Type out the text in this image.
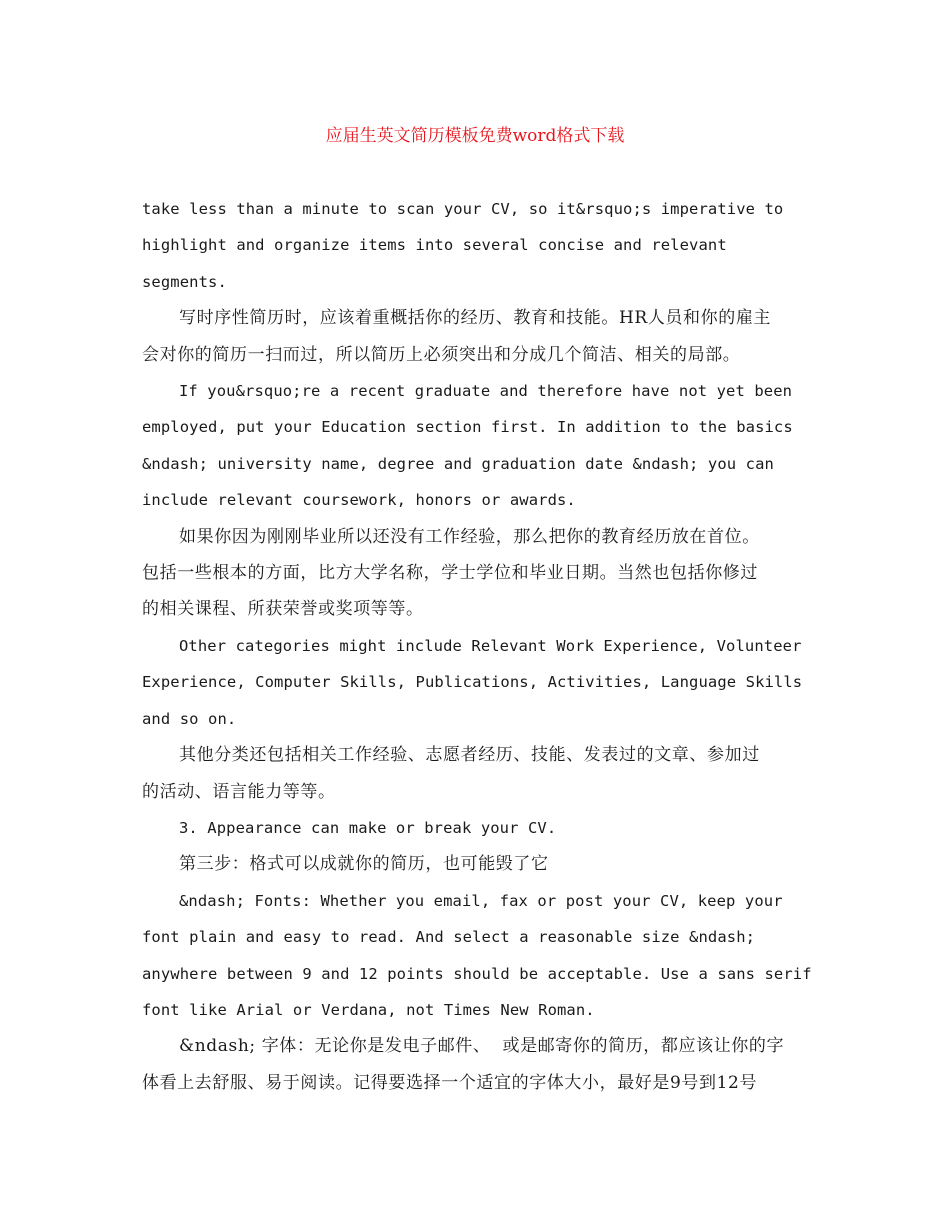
应届生英文简历模板免费word格式下载

take less than a minute to scan your CV, so it&rsquo;s imperative to
highlight and organize items into several concise and relevant
segments.

写时序性简历时，应该着重概括你的经历、教育和技能。HR人员和你的雇主
会对你的简历一扫而过，所以简历上必须突出和分成几个简洁、相关的局部。

If you&rsquo;re a recent graduate and therefore have not yet been
employed, put your Education section first. In addition to the basics
&ndash; university name, degree and graduation date &ndash; you can
include relevant coursework, honors or awards.

如果你因为刚刚毕业所以还没有工作经验，那么把你的教育经历放在首位。
包括一些根本的方面，比方大学名称，学士学位和毕业日期。当然也包括你修过
的相关课程、所获荣誉或奖项等等。

Other categories might include Relevant Work Experience, Volunteer
Experience, Computer Skills, Publications, Activities, Language Skills
and so on.

其他分类还包括相关工作经验、志愿者经历、技能、发表过的文章、参加过
的活动、语言能力等等。

3. Appearance can make or break your CV.

第三步：格式可以成就你的简历，也可能毁了它

&ndash; Fonts: Whether you email, fax or post your CV, keep your
font plain and easy to read. And select a reasonable size &ndash;
anywhere between 9 and 12 points should be acceptable. Use a sans serif
font like Arial or Verdana, not Times New Roman.

&ndash; 字体：无论你是发电子邮件、  或是邮寄你的简历，都应该让你的字
体看上去舒服、易于阅读。记得要选择一个适宜的字体大小，最好是9号到12号
